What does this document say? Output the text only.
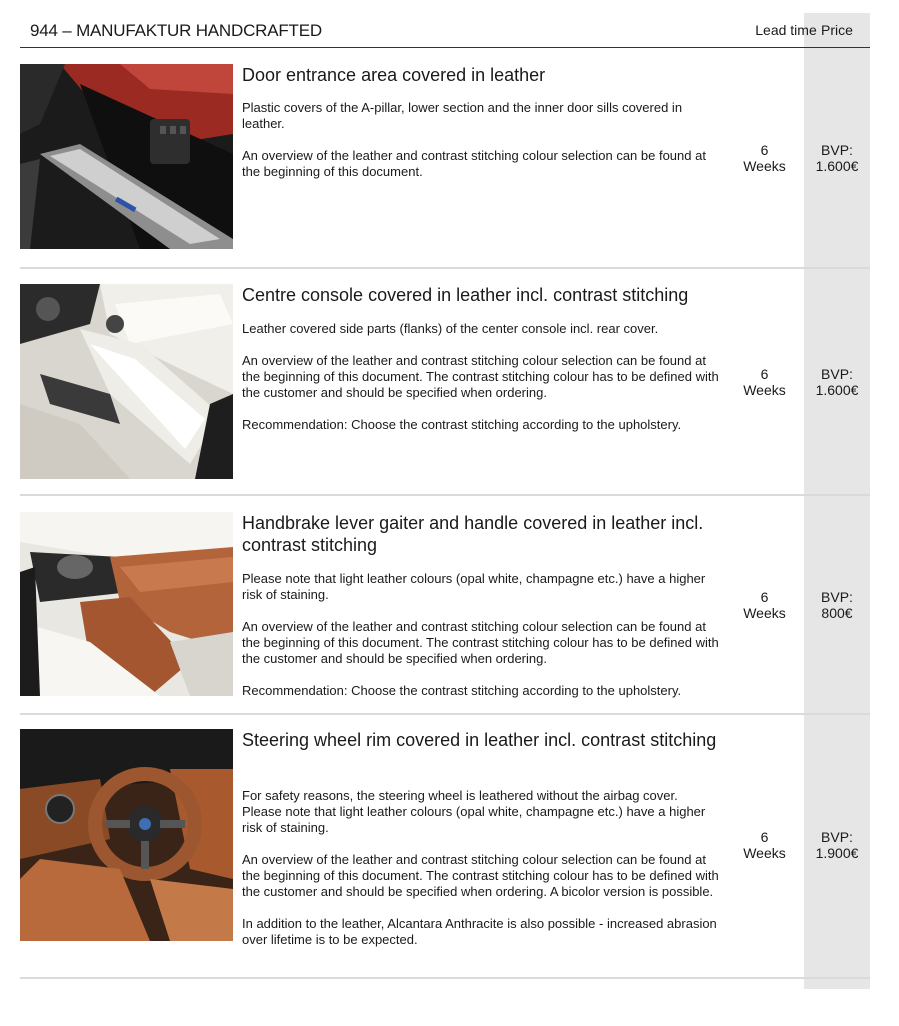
944 – MANUFAKTUR HANDCRAFTED	Lead time Price
Door entrance area covered in leather

Plastic covers of the A-pillar, lower section and the inner door sills covered in leather.

An overview of the leather and contrast stitching colour selection can be found at the beginning of this document.

6
Weeks
BVP:
1.600€
Centre console covered in leather incl. contrast stitching

Leather covered side parts (flanks) of the center console incl. rear cover.

An overview of the leather and contrast stitching colour selection can be found at the beginning of this document. The contrast stitching colour has to be defined with the customer and should be specified when ordering.

Recommendation: Choose the contrast stitching according to the upholstery.

6
Weeks
BVP:
1.600€
Handbrake lever gaiter and handle covered in leather incl. contrast stitching

Please note that light leather colours (opal white, champagne etc.) have a higher risk of staining.

An overview of the leather and contrast stitching colour selection can be found at the beginning of this document. The contrast stitching colour has to be defined with the customer and should be specified when ordering.

Recommendation: Choose the contrast stitching according to the upholstery.

6
Weeks
BVP:
800€
Steering wheel rim covered in leather incl. contrast stitching

For safety reasons, the steering wheel is leathered without the airbag cover. Please note that light leather colours (opal white, champagne etc.) have a higher risk of staining.

An overview of the leather and contrast stitching colour selection can be found at the beginning of this document. The contrast stitching colour has to be defined with the customer and should be specified when ordering. A bicolor version is possible.

In addition to the leather, Alcantara Anthracite is also possible - increased abrasion over lifetime is to be expected.

6
Weeks
BVP:
1.900€
